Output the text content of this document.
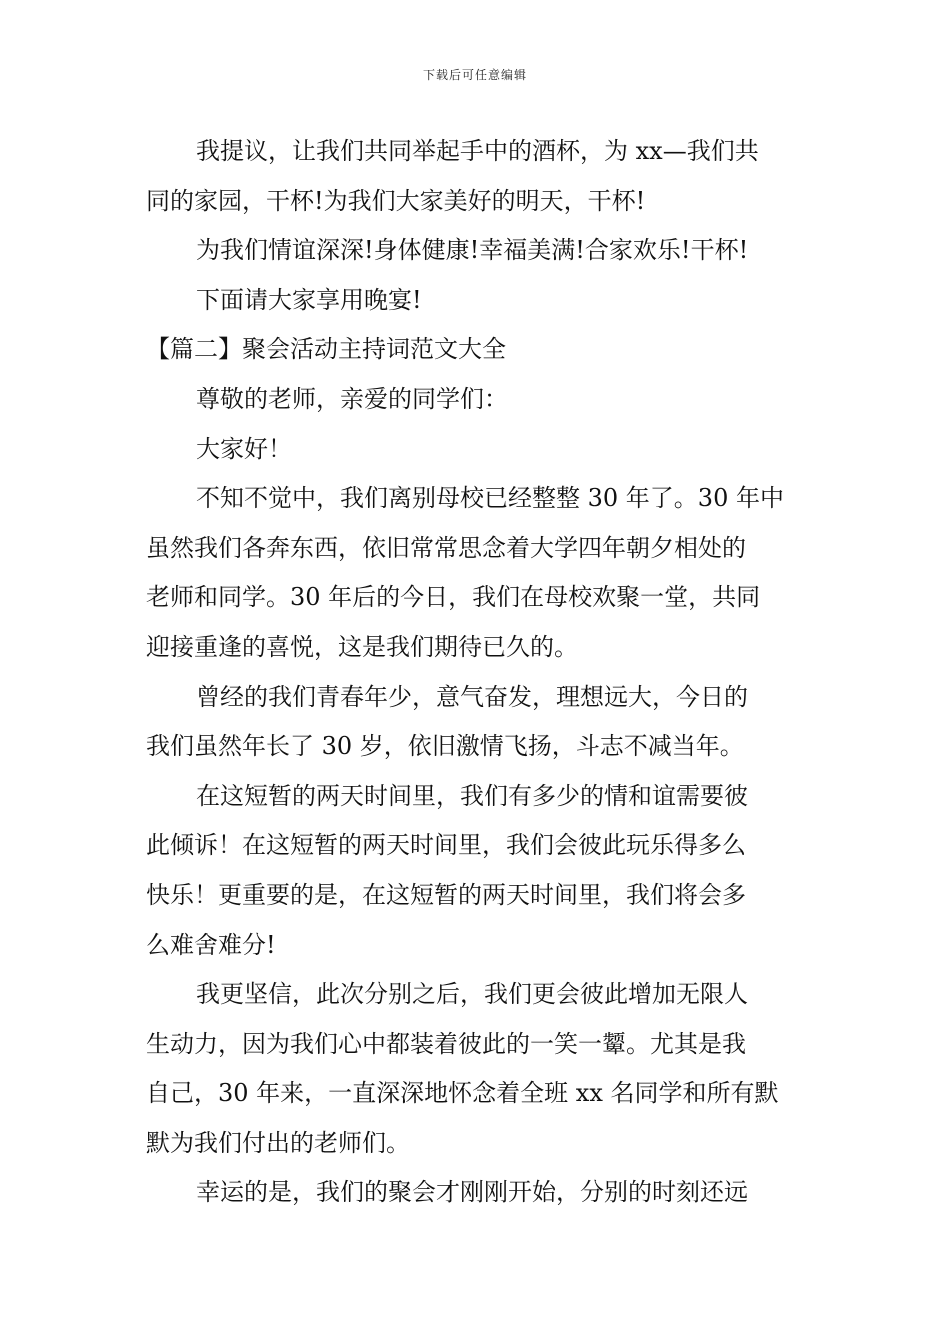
下载后可任意编辑
我提议，让我们共同举起手中的酒杯，为 xx—我们共
同的家园，干杯!为我们大家美好的明天，干杯!
为我们情谊深深!身体健康!幸福美满!合家欢乐!干杯!
下面请大家享用晚宴!
【篇二】聚会活动主持词范文大全
尊敬的老师，亲爱的同学们：
大家好！
不知不觉中，我们离别母校已经整整 30 年了。30 年中
虽然我们各奔东西，依旧常常思念着大学四年朝夕相处的
老师和同学。30 年后的今日，我们在母校欢聚一堂，共同
迎接重逢的喜悦，这是我们期待已久的。
曾经的我们青春年少，意气奋发，理想远大，今日的
我们虽然年长了 30 岁，依旧激情飞扬，斗志不减当年。
在这短暂的两天时间里，我们有多少的情和谊需要彼
此倾诉！在这短暂的两天时间里，我们会彼此玩乐得多么
快乐！更重要的是，在这短暂的两天时间里，我们将会多
么难舍难分!
我更坚信，此次分别之后，我们更会彼此增加无限人
生动力，因为我们心中都装着彼此的一笑一颦。尤其是我
自己，30 年来，一直深深地怀念着全班 xx 名同学和所有默
默为我们付出的老师们。
幸运的是，我们的聚会才刚刚开始，分别的时刻还远
